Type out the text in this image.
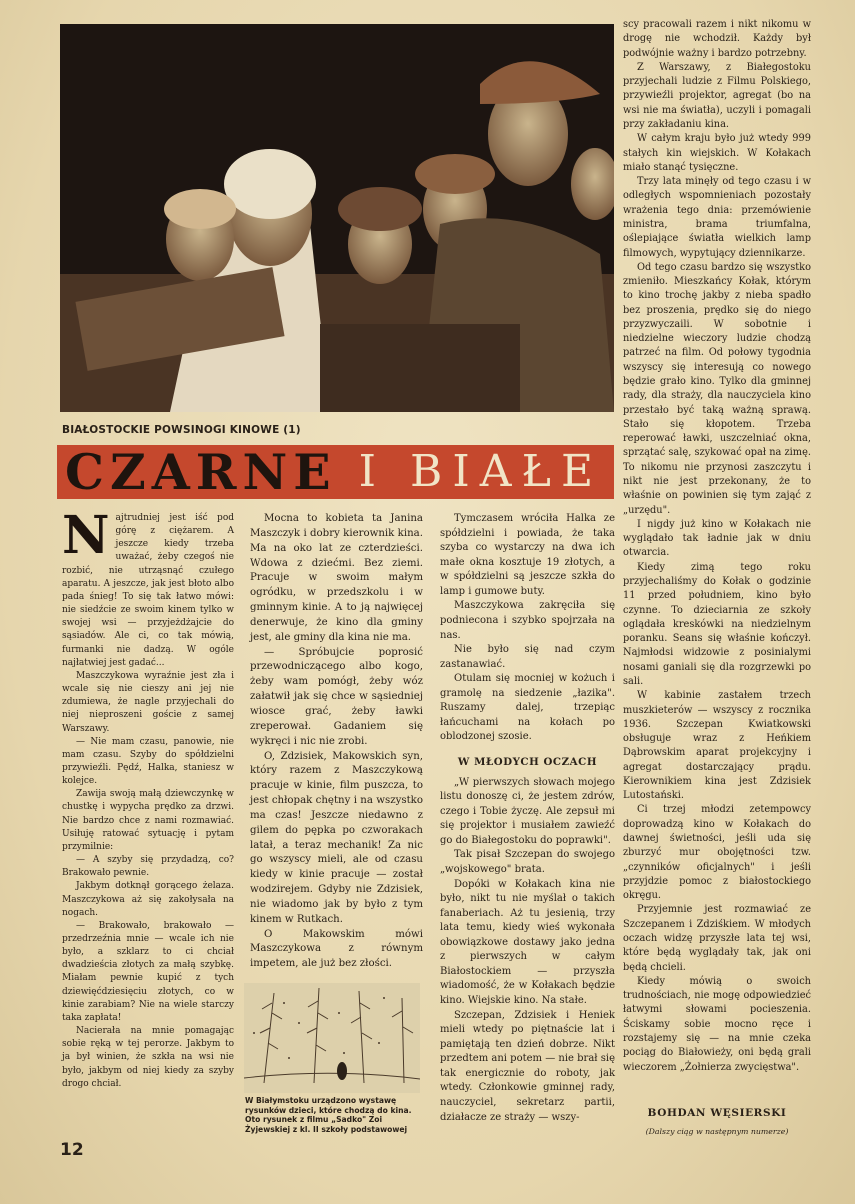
BIAŁOSTOCKIE POWSINOGI KINOWE (1)
CZARNE I BIAŁE

Najtrudniej jest iść pod górę z ciężarem. A jeszcze kiedy trzeba uważać, żeby czegoś nie rozbić, nie utrząsnąć czułego aparatu. A jeszcze, jak jest błoto albo pada śnieg! To się tak łatwo mówi: nie siedźcie ze swoim kinem tylko w swojej wsi — przyjeżdżajcie do sąsiadów. Ale ci, co tak mówią, furmanki nie dadzą. W ogóle najłatwiej jest gadać...

Maszczykowa wyraźnie jest zła i wcale się nie cieszy ani jej nie zdumiewa, że nagle przyjechali do niej nieproszeni goście z samej Warszawy.

— Nie mam czasu, panowie, nie mam czasu. Szyby do spółdzielni przywieźli. Pędź, Halka, staniesz w kolejce.

Zawija swoją małą dziewczynkę w chustkę i wypycha prędko za drzwi. Nie bardzo chce z nami rozmawiać. Usiłuję ratować sytuację i pytam przymilnie:

— A szyby się przydadzą, co? Brakowało pewnie.

Jakbym dotknął gorącego żelaza. Maszczykowa aż się zakołysała na nogach.

— Brakowało, brakowało — przedrzeźnia mnie — wcale ich nie było, a szklarz to ci chciał dwadzieścia złotych za małą szybkę. Miałam pewnie kupić z tych dziewięćdziesięciu złotych, co w kinie zarabiam? Nie na wiele starczy taka zapłata!

Nacierała na mnie pomagając sobie ręką w tej perorze. Jakbym to ja był winien, że szkła na wsi nie było, jakbym od niej kiedy za szyby drogo chciał.

Mocna to kobieta ta Janina Maszczyk i dobry kierownik kina. Ma na oko lat ze czterdzieści. Wdowa z dziećmi. Bez ziemi. Pracuje w swoim małym ogródku, w przedszkolu i w gminnym kinie. A to ją najwięcej denerwuje, że kino dla gminy jest, ale gminy dla kina nie ma.

— Spróbujcie poprosić przewodniczącego albo kogo, żeby wam pomógł, żeby wóz załatwił jak się chce w sąsiedniej wiosce grać, żeby ławki zreperował. Gadaniem się wykręci i nic nie zrobi.

O, Zdzisiek, Makowskich syn, który razem z Maszczykową pracuje w kinie, film puszcza, to jest chłopak chętny i na wszystko ma czas! Jeszcze niedawno z gilem do pępka po czworakach latał, a teraz mechanik! Za nic go wszyscy mieli, ale od czasu kiedy w kinie pracuje — został wodzirejem. Gdyby nie Zdzisiek, nie wiadomo jak by było z tym kinem w Rutkach.

O Makowskim mówi Maszczykowa z równym impetem, ale już bez złości.

W Białymstoku urządzono wystawę rysunków dzieci, które chodzą do kina. Oto rysunek z filmu „Sadko" Zoi Żyjewskiej z kl. II szkoły podstawowej

Tymczasem wróciła Halka ze spółdzielni i powiada, że taka szyba co wystarczy na dwa ich małe okna kosztuje 19 złotych, a w spółdzielni są jeszcze szkła do lamp i gumowe buty.

Maszczykowa zakręciła się podniecona i szybko spojrzała na nas.

Nie było się nad czym zastanawiać.

Otulam się mocniej w kożuch i gramolę na siedzenie „łazika". Ruszamy dalej, trzepiąc łańcuchami na kołach po oblodzonej szosie.

W MŁODYCH OCZACH

„W pierwszych słowach mojego listu donoszę ci, że jestem zdrów, czego i Tobie życzę. Ale zepsuł mi się projektor i musiałem zawieźć go do Białegostoku do poprawki".

Tak pisał Szczepan do swojego „wojskowego" brata.

Dopóki w Kołakach kina nie było, nikt tu nie myślał o takich fanaberiach. Aż tu jesienią, trzy lata temu, kiedy wieś wykonała obowiązkowe dostawy jako jedna z pierwszych w całym Białostockiem — przyszła wiadomość, że w Kołakach będzie kino. Wiejskie kino. Na stałe.

Szczepan, Zdzisiek i Heniek mieli wtedy po piętnaście lat i pamiętają ten dzień dobrze. Nikt przedtem ani potem — nie brał się tak energicznie do roboty, jak wtedy. Członkowie gminnej rady, nauczyciel, sekretarz partii, działacze ze straży — wszy-

scy pracowali razem i nikt nikomu w drogę nie wchodził. Każdy był podwójnie ważny i bardzo potrzebny.

Z Warszawy, z Białegostoku przyjechali ludzie z Filmu Polskiego, przywieźli projektor, agregat (bo na wsi nie ma światła), uczyli i pomagali przy zakładaniu kina.

W całym kraju było już wtedy 999 stałych kin wiejskich. W Kołakach miało stanąć tysięczne.

Trzy lata minęły od tego czasu i w odległych wspomnieniach pozostały wrażenia tego dnia: przemówienie ministra, brama triumfalna, oślepiające światła wielkich lamp filmowych, wypytujący dziennikarze.

Od tego czasu bardzo się wszystko zmieniło. Mieszkańcy Kołak, którym to kino trochę jakby z nieba spadło bez proszenia, prędko się do niego przyzwyczaili. W sobotnie i niedzielne wieczory ludzie chodzą patrzeć na film. Od połowy tygodnia wszyscy się interesują co nowego będzie grało kino. Tylko dla gminnej rady, dla straży, dla nauczyciela kino przestało być taką ważną sprawą. Stało się kłopotem. Trzeba reperować ławki, uszczelniać okna, sprzątać salę, szykować opał na zimę. To nikomu nie przynosi zaszczytu i nikt nie jest przekonany, że to właśnie on powinien się tym zająć z „urzędu".

I nigdy już kino w Kołakach nie wyglądało tak ładnie jak w dniu otwarcia.

Kiedy zimą tego roku przyjechaliśmy do Kołak o godzinie 11 przed południem, kino było czynne. To dzieciarnia ze szkoły oglądała kreskówki na niedzielnym poranku. Seans się właśnie kończył. Najmłodsi widzowie z posinialymi nosami ganiali się dla rozgrzewki po sali.

W kabinie zastałem trzech muszkieterów — wszyscy z rocznika 1936. Szczepan Kwiatkowski obsługuje wraz z Heńkiem Dąbrowskim aparat projekcyjny i agregat dostarczający prądu. Kierownikiem kina jest Zdzisiek Lutostański.

Ci trzej młodzi zetempowcy doprowadzą kino w Kołakach do dawnej świetności, jeśli uda się zburzyć mur obojętności tzw. „czynników oficjalnych" i jeśli przyjdzie pomoc z białostockiego okręgu.

Przyjemnie jest rozmawiać ze Szczepanem i Zdziśkiem. W młodych oczach widzę przyszłe lata tej wsi, które będą wyglądały tak, jak oni będą chcieli.

Kiedy mówią o swoich trudnościach, nie mogę odpowiedzieć łatwymi słowami pocieszenia. Ściskamy sobie mocno ręce i rozstajemy się — na mnie czeka pociąg do Białowieży, oni będą grali wieczorem „Żołnierza zwycięstwa".

BOHDAN WĘSIERSKI
(Dalszy ciąg w następnym numerze)
12
